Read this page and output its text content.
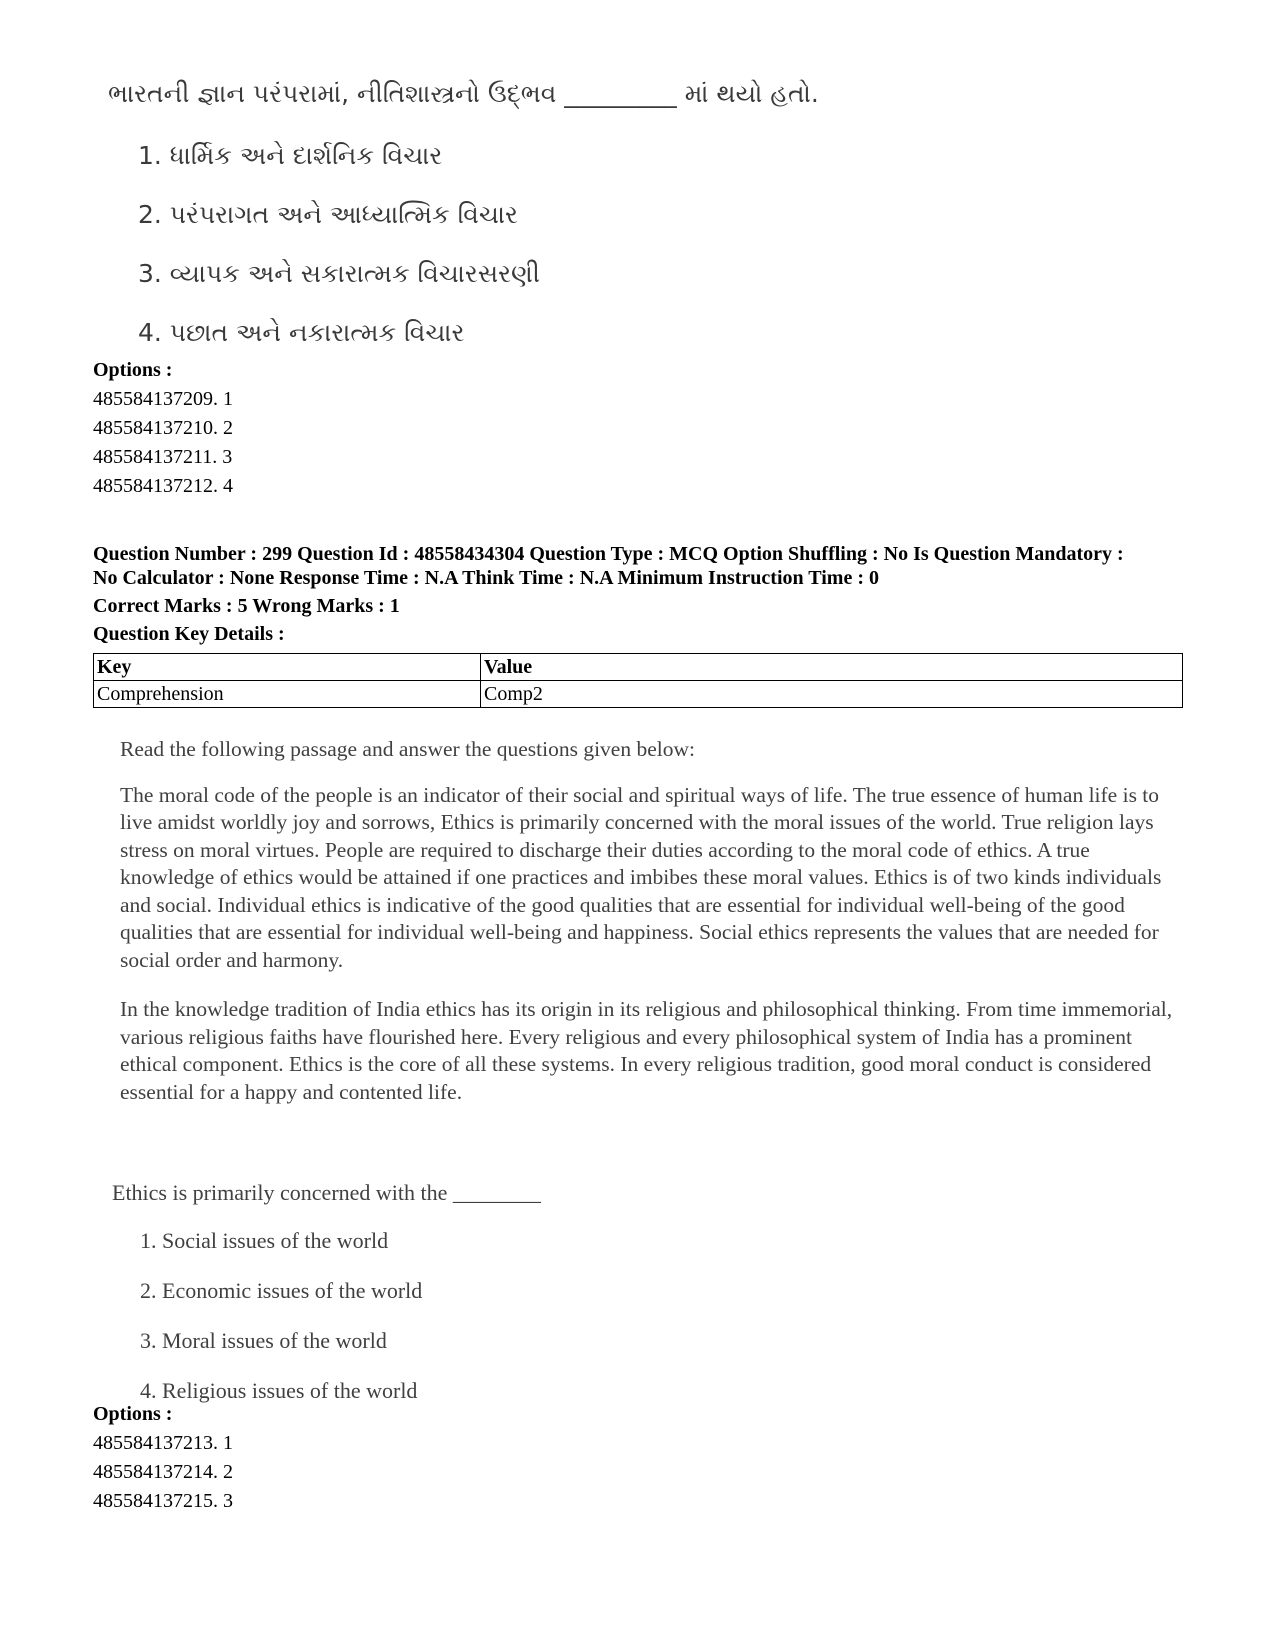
ભારતની જ્ઞાન પરંપરામાં, નીતિશાસ્ત્રનો ઉદ્ભવ _________ માં થયો હતો.

1. ધાર્મિક અને દાર્શનિક વિચાર

2. પરંપરાગત અને આધ્યાત્મિક વિચાર

3. વ્યાપક અને સકારાત્મક વિચારસરણી

4. પછાત અને નકારાત્મક વિચાર

Options :
485584137209. 1
485584137210. 2
485584137211. 3
485584137212. 4
Question Number : 299 Question Id : 48558434304 Question Type : MCQ Option Shuffling : No Is Question Mandatory :
No Calculator : None Response Time : N.A Think Time : N.A Minimum Instruction Time : 0
Correct Marks : 5 Wrong Marks : 1
Question Key Details :
Key	Value
Comprehension	Comp2

Read the following passage and answer the questions given below:

The moral code of the people is an indicator of their social and spiritual ways of life. The true essence of human life is to live amidst worldly joy and sorrows, Ethics is primarily concerned with the moral issues of the world. True religion lays stress on moral virtues. People are required to discharge their duties according to the moral code of ethics. A true knowledge of ethics would be attained if one practices and imbibes these moral values. Ethics is of two kinds individuals and social. Individual ethics is indicative of the good qualities that are essential for individual well-being of the good qualities that are essential for individual well-being and happiness. Social ethics represents the values that are needed for social order and harmony.

In the knowledge tradition of India ethics has its origin in its religious and philosophical thinking. From time immemorial, various religious faiths have flourished here. Every religious and every philosophical system of India has a prominent ethical component. Ethics is the core of all these systems. In every religious tradition, good moral conduct is considered essential for a happy and contented life.

Ethics is primarily concerned with the ________

1. Social issues of the world

2. Economic issues of the world

3. Moral issues of the world

4. Religious issues of the world

Options :
485584137213. 1
485584137214. 2
485584137215. 3
